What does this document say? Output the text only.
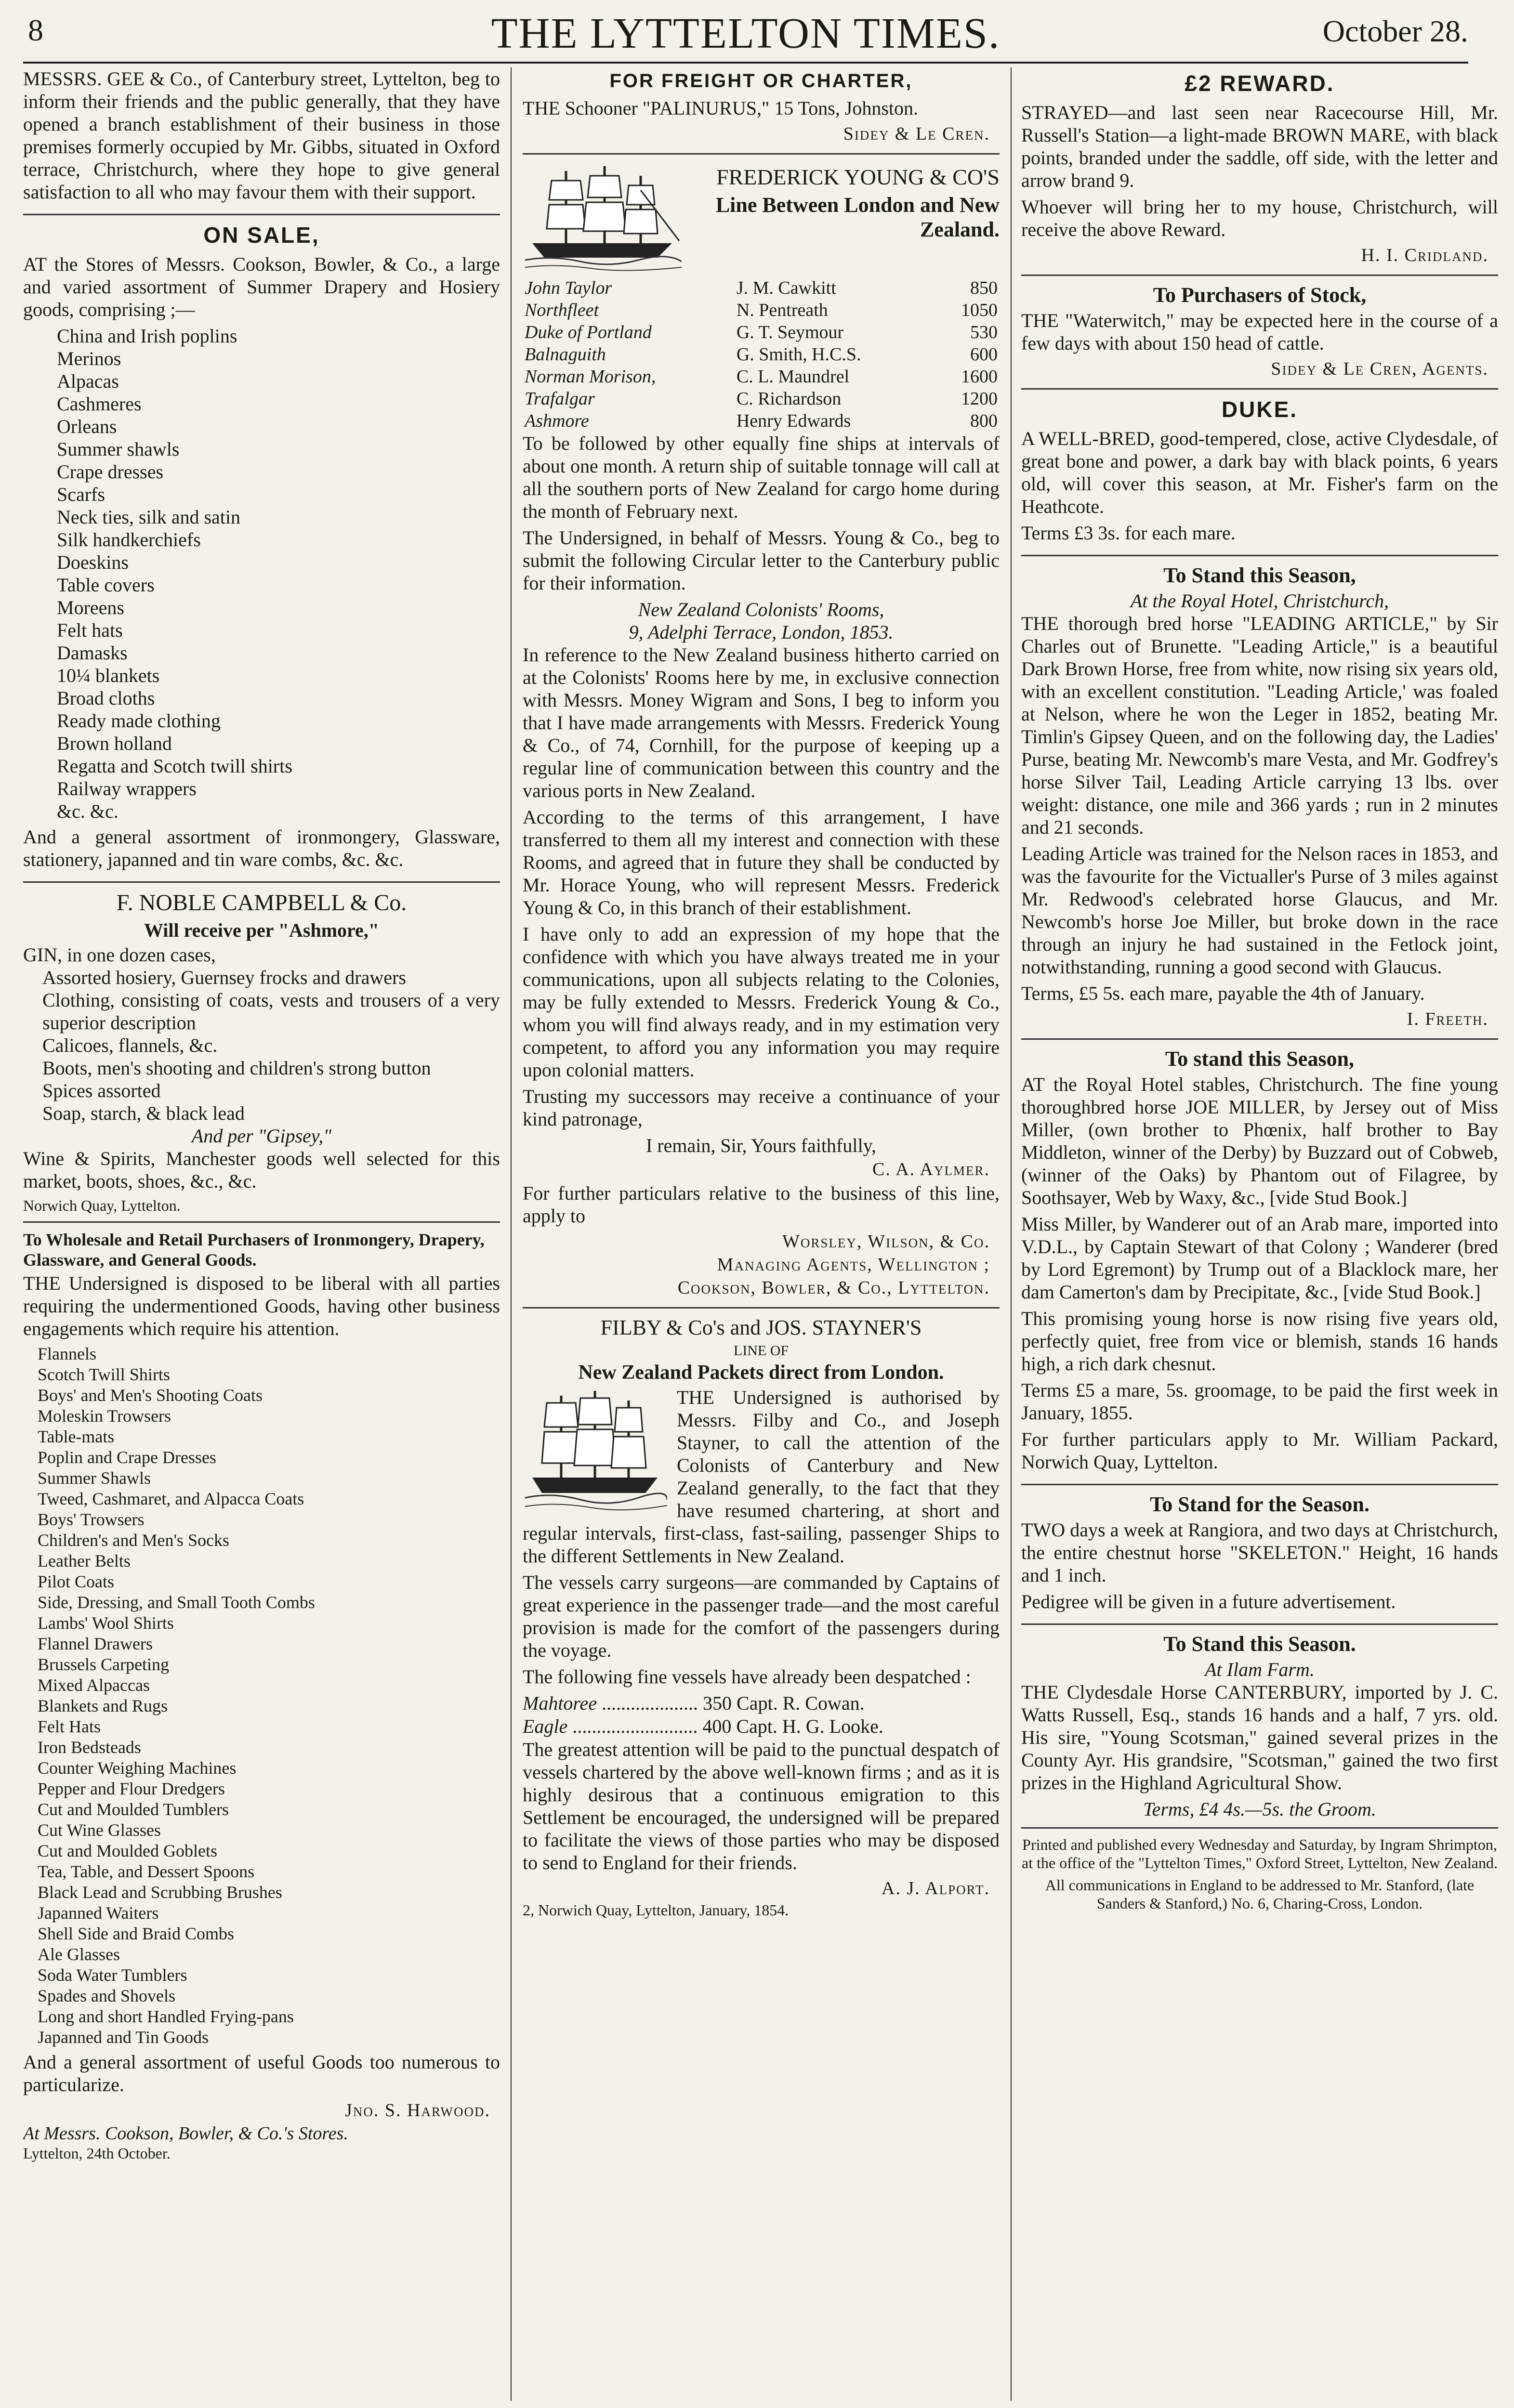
8	THE LYTTELTON TIMES.	October 28.

MESSRS. GEE & Co., of Canterbury street, Lyttelton, beg to inform their friends and the public generally, that they have opened a branch establishment of their business in those premises formerly occupied by Mr. Gibbs, situated in Oxford terrace, Christchurch, where they hope to give general satisfaction to all who may favour them with their support.

ON SALE,

AT the Stores of Messrs. Cookson, Bowler, & Co., a large and varied assortment of Summer Drapery and Hosiery goods, comprising ;—

China and Irish poplins
Merinos
Alpacas
Cashmeres
Orleans
Summer shawls
Crape dresses
Scarfs
Neck ties, silk and satin
Silk handkerchiefs
Doeskins
Table covers
Moreens
Felt hats
Damasks
10¼ blankets
Broad cloths
Ready made clothing
Brown holland
Regatta and Scotch twill shirts
Railway wrappers
&c. &c.

And a general assortment of ironmongery, Glassware, stationery, japanned and tin ware combs, &c. &c.

F. NOBLE CAMPBELL & Co.
Will receive per "Ashmore,"

GIN, in one dozen cases,

Assorted hosiery, Guernsey frocks and drawers

Clothing, consisting of coats, vests and trousers of a very superior description

Calicoes, flannels, &c.

Boots, men's shooting and children's strong button

Spices assorted

Soap, starch, & black lead

And per "Gipsey,"

Wine & Spirits, Manchester goods well selected for this market, boots, shoes, &c., &c.

Norwich Quay, Lyttelton.
To Wholesale and Retail Purchasers of Ironmongery, Drapery, Glassware, and General Goods.

THE Undersigned is disposed to be liberal with all parties requiring the undermentioned Goods, having other business engagements which require his attention.

Flannels
Scotch Twill Shirts
Boys' and Men's Shooting Coats
Moleskin Trowsers
Table-mats
Poplin and Crape Dresses
Summer Shawls
Tweed, Cashmaret, and Alpacca Coats
Boys' Trowsers
Children's and Men's Socks
Leather Belts
Pilot Coats
Side, Dressing, and Small Tooth Combs
Lambs' Wool Shirts
Flannel Drawers
Brussels Carpeting
Mixed Alpaccas
Blankets and Rugs
Felt Hats
Iron Bedsteads
Counter Weighing Machines
Pepper and Flour Dredgers
Cut and Moulded Tumblers
Cut Wine Glasses
Cut and Moulded Goblets
Tea, Table, and Dessert Spoons
Black Lead and Scrubbing Brushes
Japanned Waiters
Shell Side and Braid Combs
Ale Glasses
Soda Water Tumblers
Spades and Shovels
Long and short Handled Frying-pans
Japanned and Tin Goods

And a general assortment of useful Goods too numerous to particularize.

Jno. S. Harwood.
At Messrs. Cookson, Bowler, & Co.'s Stores.
Lyttelton, 24th October.
FOR FREIGHT OR CHARTER,

THE Schooner "PALINURUS," 15 Tons, Johnston.

Sidey & Le Cren.
FREDERICK YOUNG & CO'S
Line Between London and New Zealand.
John Taylor	J. M. Cawkitt	850
Northfleet	N. Pentreath	1050
Duke of Portland	G. T. Seymour	530
Balnaguith	G. Smith, H.C.S.	600
Norman Morison,	C. L. Maundrel	1600
Trafalgar	C. Richardson	1200
Ashmore	Henry Edwards	800

To be followed by other equally fine ships at intervals of about one month. A return ship of suitable tonnage will call at all the southern ports of New Zealand for cargo home during the month of February next.

The Undersigned, in behalf of Messrs. Young & Co., beg to submit the following Circular letter to the Canterbury public for their information.

New Zealand Colonists' Rooms,
9, Adelphi Terrace, London, 1853.

In reference to the New Zealand business hitherto carried on at the Colonists' Rooms here by me, in exclusive connection with Messrs. Money Wigram and Sons, I beg to inform you that I have made arrangements with Messrs. Frederick Young & Co., of 74, Cornhill, for the purpose of keeping up a regular line of communication between this country and the various ports in New Zealand.

According to the terms of this arrangement, I have transferred to them all my interest and connection with these Rooms, and agreed that in future they shall be conducted by Mr. Horace Young, who will represent Messrs. Frederick Young & Co, in this branch of their establishment.

I have only to add an expression of my hope that the confidence with which you have always treated me in your communications, upon all subjects relating to the Colonies, may be fully extended to Messrs. Frederick Young & Co., whom you will find always ready, and in my estimation very competent, to afford you any information you may require upon colonial matters.

Trusting my successors may receive a continuance of your kind patronage,

I remain, Sir, Yours faithfully,
C. A. Aylmer.

For further particulars relative to the business of this line, apply to

Worsley, Wilson, & Co.
Managing Agents, Wellington ;
Cookson, Bowler, & Co., Lyttelton.
FILBY & Co's and JOS. STAYNER'S
LINE OF
New Zealand Packets direct from London.

THE Undersigned is authorised by Messrs. Filby and Co., and Joseph Stayner, to call the attention of the Colonists of Canterbury and New Zealand generally, to the fact that they have resumed chartering, at short and regular intervals, first-class, fast-sailing, passenger Ships to the different Settlements in New Zealand.

The vessels carry surgeons—are commanded by Captains of great experience in the passenger trade—and the most careful provision is made for the comfort of the passengers during the voyage.

The following fine vessels have already been despatched :

Mahtoree .................... 350 Capt. R. Cowan.
Eagle .......................... 400 Capt. H. G. Looke.

The greatest attention will be paid to the punctual despatch of vessels chartered by the above well-known firms ; and as it is highly desirous that a continuous emigration to this Settlement be encouraged, the undersigned will be prepared to facilitate the views of those parties who may be disposed to send to England for their friends.

A. J. Alport.
2, Norwich Quay, Lyttelton, January, 1854.
£2 REWARD.

STRAYED—and last seen near Racecourse Hill, Mr. Russell's Station—a light-made BROWN MARE, with black points, branded under the saddle, off side, with the letter and arrow brand 9.

Whoever will bring her to my house, Christchurch, will receive the above Reward.

H. I. Cridland.
To Purchasers of Stock,

THE "Waterwitch," may be expected here in the course of a few days with about 150 head of cattle.

Sidey & Le Cren, Agents.
DUKE.

A WELL-BRED, good-tempered, close, active Clydesdale, of great bone and power, a dark bay with black points, 6 years old, will cover this season, at Mr. Fisher's farm on the Heathcote.

Terms £3 3s. for each mare.

To Stand this Season,
At the Royal Hotel, Christchurch,

THE thorough bred horse "LEADING ARTICLE," by Sir Charles out of Brunette. "Leading Article," is a beautiful Dark Brown Horse, free from white, now rising six years old, with an excellent constitution. "Leading Article,' was foaled at Nelson, where he won the Leger in 1852, beating Mr. Timlin's Gipsey Queen, and on the following day, the Ladies' Purse, beating Mr. Newcomb's mare Vesta, and Mr. Godfrey's horse Silver Tail, Leading Article carrying 13 lbs. over weight: distance, one mile and 366 yards ; run in 2 minutes and 21 seconds.

Leading Article was trained for the Nelson races in 1853, and was the favourite for the Victualler's Purse of 3 miles against Mr. Redwood's celebrated horse Glaucus, and Mr. Newcomb's horse Joe Miller, but broke down in the race through an injury he had sustained in the Fetlock joint, notwithstanding, running a good second with Glaucus.

Terms, £5 5s. each mare, payable the 4th of January.

I. Freeth.
To stand this Season,

AT the Royal Hotel stables, Christchurch. The fine young thoroughbred horse JOE MILLER, by Jersey out of Miss Miller, (own brother to Phœnix, half brother to Bay Middleton, winner of the Derby) by Buzzard out of Cobweb, (winner of the Oaks) by Phantom out of Filagree, by Soothsayer, Web by Waxy, &c., [vide Stud Book.]

Miss Miller, by Wanderer out of an Arab mare, imported into V.D.L., by Captain Stewart of that Colony ; Wanderer (bred by Lord Egremont) by Trump out of a Blacklock mare, her dam Camerton's dam by Precipitate, &c., [vide Stud Book.]

This promising young horse is now rising five years old, perfectly quiet, free from vice or blemish, stands 16 hands high, a rich dark chesnut.

Terms £5 a mare, 5s. groomage, to be paid the first week in January, 1855.

For further particulars apply to Mr. William Packard, Norwich Quay, Lyttelton.

To Stand for the Season.

TWO days a week at Rangiora, and two days at Christchurch, the entire chestnut horse "SKELETON." Height, 16 hands and 1 inch.

Pedigree will be given in a future advertisement.

To Stand this Season.
At Ilam Farm.

THE Clydesdale Horse CANTERBURY, imported by J. C. Watts Russell, Esq., stands 16 hands and a half, 7 yrs. old. His sire, "Young Scotsman," gained several prizes in the County Ayr. His grandsire, "Scotsman," gained the two first prizes in the Highland Agricultural Show.

Terms, £4 4s.—5s. the Groom.
Printed and published every Wednesday and Saturday, by Ingram Shrimpton, at the office of the "Lyttelton Times," Oxford Street, Lyttelton, New Zealand.
All communications in England to be addressed to Mr. Stanford, (late Sanders & Stanford,) No. 6, Charing-Cross, London.
